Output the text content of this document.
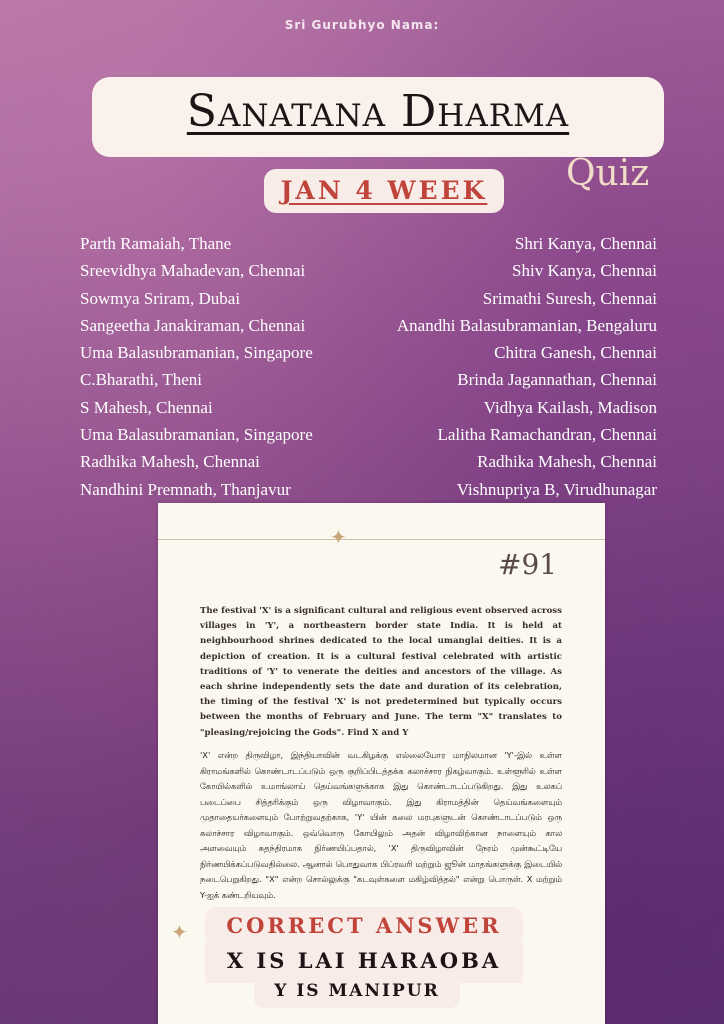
Sri Gurubhyo Nama:
Sanatana Dharma
Quiz
JAN 4 WEEK
Parth Ramaiah, Thane
Sreevidhya Mahadevan, Chennai
Sowmya Sriram, Dubai
Sangeetha Janakiraman, Chennai
Uma Balasubramanian, Singapore
C.Bharathi, Theni
S Mahesh, Chennai
Uma Balasubramanian, Singapore
Radhika Mahesh, Chennai
Nandhini Premnath, Thanjavur
Shri Kanya, Chennai
Shiv Kanya, Chennai
Srimathi Suresh, Chennai
Anandhi Balasubramanian, Bengaluru
Chitra Ganesh, Chennai
Brinda Jagannathan, Chennai
Vidhya Kailash, Madison
Lalitha Ramachandran, Chennai
Radhika Mahesh, Chennai
Vishnupriya B, Virudhunagar
✦
✦
#91
The festival 'X' is a significant cultural and religious event observed across villages in 'Y', a northeastern border state India. It is held at neighbourhood shrines dedicated to the local umanglai deities. It is a depiction of creation. It is a cultural festival celebrated with artistic traditions of 'Y' to venerate the deities and ancestors of the village. As each shrine independently sets the date and duration of its celebration, the timing of the festival 'X' is not predetermined but typically occurs between the months of February and June. The term "X" translates to "pleasing/rejoicing the Gods". Find X and Y
'X' என்ற திருவிழா, இந்தியாவின் வடகிழக்கு எல்லையோர மாநிலமான 'Y'-இல் உள்ள கிராமங்களில் கொண்டாடப்படும் ஒரு குறிப்பிடத்தக்க கலாச்சார நிகழ்வாகும். உள்ளூரில் உள்ள கோயில்களில் உமாங்லாய் தெய்வங்களுக்காக இது கொண்டாடப்படுகிறது. இது உலகப் படைப்பை சித்தரிக்கும் ஒரு விழாவாகும். இது கிராமத்தின் தெய்வங்களையும் முதாதையர்களையும் போற்றுவதற்காக, 'Y' யின் கலை மரபுகளுடன் கொண்டாடப்படும் ஒரு கலாச்சார விழாவாகும். ஒவ்வொரு கோயிலும் அதன் விழாவிற்கான நாளையும் கால அளவையும் சுதந்திரமாக நிர்ணயிப்பதால், 'X' திருவிழாவின் நேரம் முன்கூட்டியே நிர்ணயிக்கப்படுவதில்லை. ஆனால் பொதுவாக பிப்ரவரி மற்றும் ஜூன் மாதங்களுக்கு இடையில் நடைபெறுகிறது. "X" என்ற சொல்லுக்கு "கடவுள்களை மகிழ்வித்தல்" என்று பொருள். X மற்றும் Y-ஐக் கண்டறியவும்.
CORRECT ANSWER
X IS LAI HARAOBA
Y IS MANIPUR
